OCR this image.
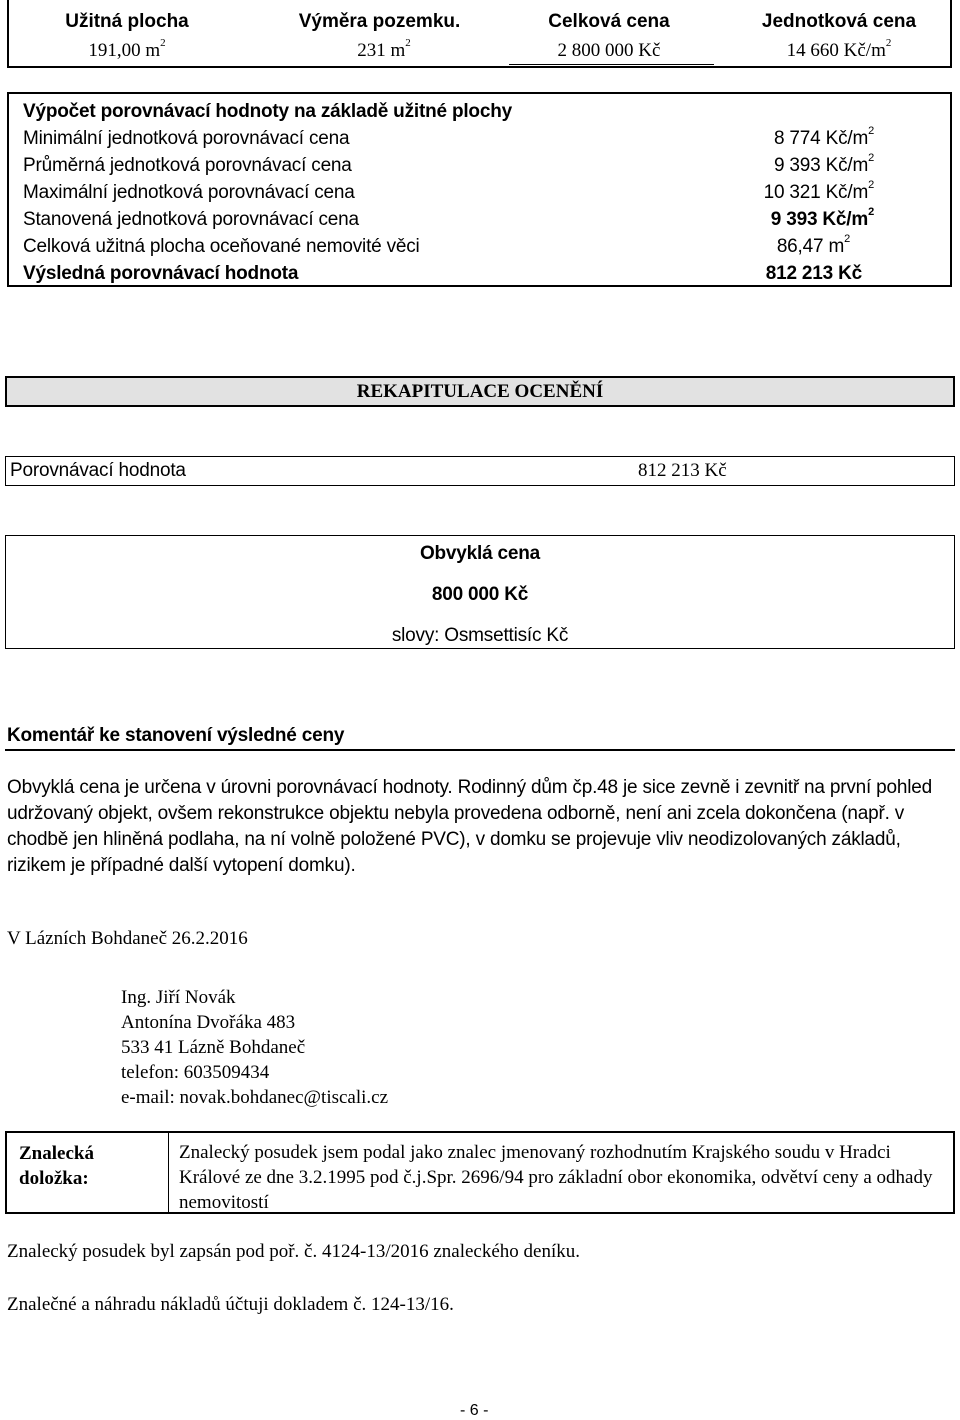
Užitná plocha	Výměra pozemku.	Celková cena	Jednotková cena
191,00 $m^2$	231 $m^2$	2 800 000 Kč	14 660 $Kč/m^2$
Výpočet porovnávací hodnoty na základě užitné plochy
Minimální jednotková porovnávací cena	8 774 $Kč/m^2$
Průměrná jednotková porovnávací cena	9 393 $Kč/m^2$
Maximální jednotková porovnávací cena	10 321 $Kč/m^2$
Stanovená jednotková porovnávací cena	9 393 $Kč/m^2$
Celková užitná plocha oceňované nemovité věci	86,47 $m^2$
Výsledná porovnávací hodnota	812 213 Kč
REKAPITULACE OCENĚNÍ
Porovnávací hodnota	812 213 Kč
Obvyklá cena
800 000 Kč
slovy: Osmsettisíc Kč
Komentář ke stanovení výsledné ceny
Obvyklá cena je určena v úrovni porovnávací hodnoty. Rodinný dům čp.48 je sice zevně i zevnitř na první pohled udržovaný objekt, ovšem rekonstrukce objektu nebyla provedena odborně, není ani zcela dokončena (např. v chodbě jen hliněná podlaha, na ní volně položené PVC), v domku se projevuje vliv neodizolovaných základů, rizikem je případné další vytopení domku).
V Lázních Bohdaneč 26.2.2016
Ing. Jiří Novák
Antonína Dvořáka 483
533 41 Lázně Bohdaneč
telefon: 603509434
e-mail: novak.bohdanec@tiscali.cz
Znalecká
doložka:
Znalecký posudek jsem podal jako znalec jmenovaný rozhodnutím Krajského soudu v Hradci Králové ze dne 3.2.1995 pod č.j.Spr. 2696/94 pro základní obor ekonomika, odvětví ceny a odhady nemovitostí
Znalecký posudek byl zapsán pod poř. č. 4124-13/2016 znaleckého deníku.
Znalečné a náhradu nákladů účtuji dokladem č. 124-13/16.
- 6 -
